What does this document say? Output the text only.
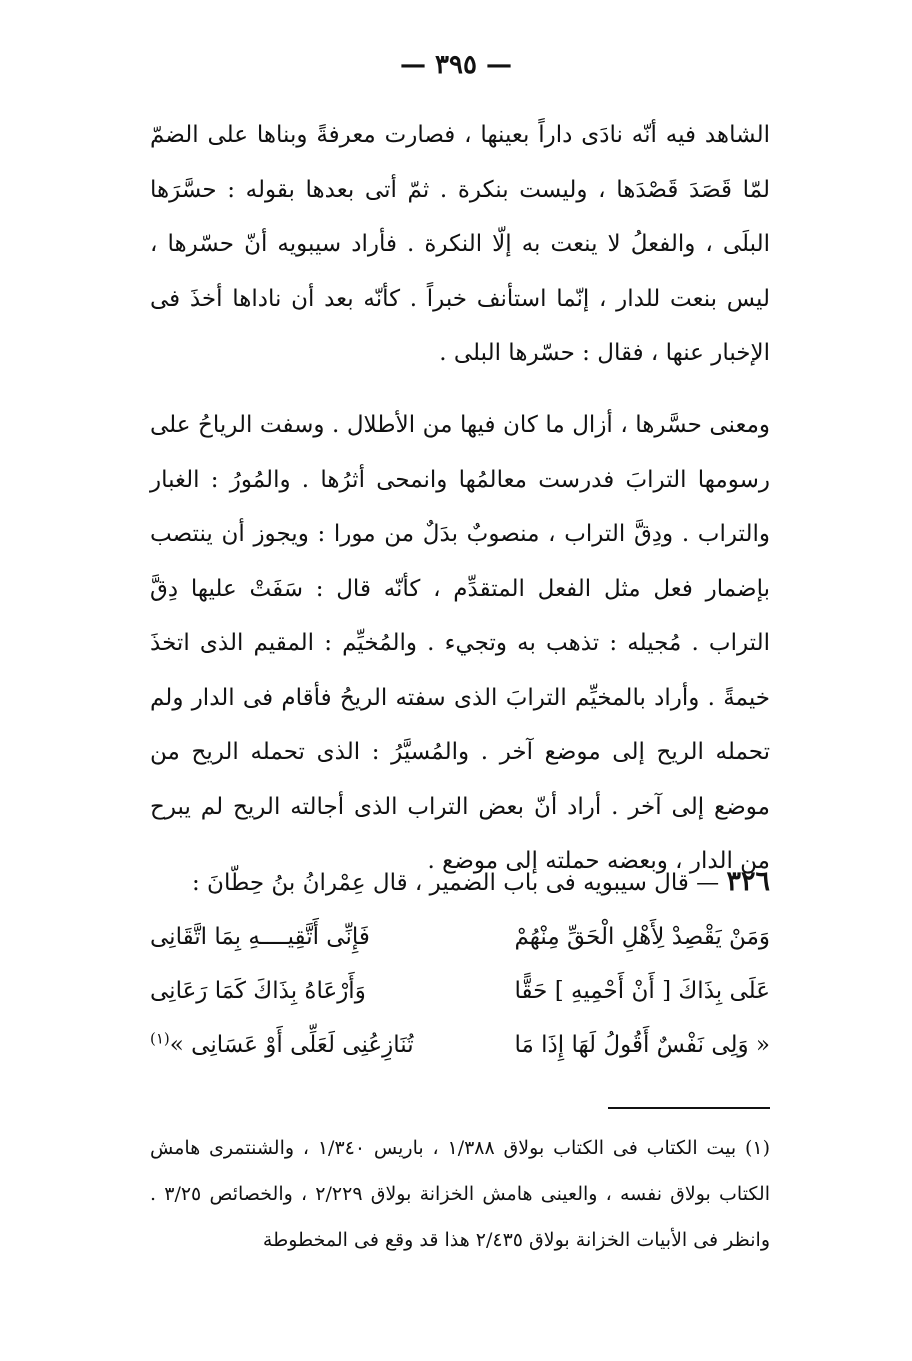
— ٣٩٥ —
الشاهد فيه أنّه نادَى داراً بعينها ، فصارت معرفةً وبناها على الضمّ لمّا قَصَدَ قَصْدَها ، وليست بنكرة . ثمّ أتى بعدها بقوله : حسَّرَها البلَى ، والفعلُ لا ينعت به إلّا النكرة . فأراد سيبويه أنّ حسّرها ، ليس بنعت للدار ، إنّما استأنف خبراً . كأنّه بعد أن ناداها أخذَ فى الإخبار عنها ، فقال : حسّرها البلى .
ومعنى حسَّرها ، أزال ما كان فيها من الأطلال . وسفت الرياحُ على رسومها الترابَ فدرست معالمُها وانمحى أثرُها . والمُورُ : الغبار والتراب . ودِقَّ التراب ، منصوبٌ بدَلٌ من مورا : ويجوز أن ينتصب بإضمار فعل مثل الفعل المتقدِّم ، كأنّه قال : سَفَتْ عليها دِقَّ التراب . مُجيله : تذهب به وتجيء . والمُخيِّم : المقيم الذى اتخذَ خيمةً . وأراد بالمخيِّم الترابَ الذى سفته الريحُ فأقام فى الدار ولم تحمله الريح إلى موضع آخر . والمُسيَّرُ : الذى تحمله الريح من موضع إلى آخر . أراد أنّ بعض التراب الذى أجالته الريح لم يبرح من الدار ، وبعضه حملته إلى موضع .
٣٢٦ — قال سيبويه فى باب الضمير ، قال عِمْرانُ بنُ حِطّانَ :
وَمَنْ يَقْصِدْ لِأَهْلِ الْحَقِّ مِنْهُمْ
فَإِنِّى أَتَّقِيــــهِ بِمَا اتَّقَانِى
عَلَى بِذَاكَ [ أَنْ أَحْمِيهِ ] حَقًّا
وَأَرْعَاهُ بِذَاكَ كَمَا رَعَانِى
« وَلِى نَفْسٌ أَقُولُ لَهَا إِذَا مَا
تُنَازِعُنِى لَعَلِّى أَوْ عَسَانِى »$^{(١)}$
(١) بيت الكتاب فى الكتاب بولاق ١/٣٨٨ ، باريس ١/٣٤٠ ، والشنتمرى هامش الكتاب بولاق نفسه ، والعينى هامش الخزانة بولاق ٢/٢٢٩ ، والخصائص ٣/٢٥ . وانظر فى الأبيات الخزانة بولاق ٢/٤٣٥ هذا قد وقع فى المخطوطة
